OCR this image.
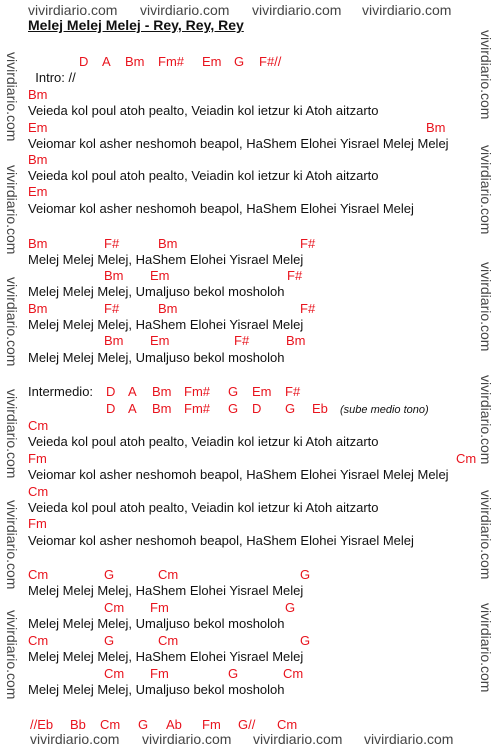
vivirdiario.com vivirdiario.com vivirdiario.com vivirdiario.com
vivirdiario.com vivirdiario.com vivirdiario.com vivirdiario.com
vivirdiario.com
vivirdiario.com
vivirdiario.com
vivirdiario.com
vivirdiario.com
vivirdiario.com
vivirdiario.com
vivirdiario.com
vivirdiario.com
vivirdiario.com
vivirdiario.com
vivirdiario.com
Melej Melej Melej - Rey, Rey, Rey

Intro: //

D A Bm Fm# Em G F#//
Bm
Veieda kol poul atoh pealto, Veiadin kol ietzur ki Atoh aitzarto
Em	Bm
Veiomar kol asher neshomoh beapol, HaShem Elohei Yisrael Melej Melej
Bm
Veieda kol poul atoh pealto, Veiadin kol ietzur ki Atoh aitzarto
Em
Veiomar kol asher neshomoh beapol, HaShem Elohei Yisrael Melej
Bm	F#	Bm	F#
Melej Melej Melej, HaShem Elohei Yisrael Melej
Bm Em	F#
Melej Melej Melej, Umaljuso bekol mosholoh
Bm	F#	Bm	F#
Melej Melej Melej, HaShem Elohei Yisrael Melej
Bm Em	F#	Bm
Melej Melej Melej, Umaljuso bekol mosholoh
Intermedio: D A Bm Fm# G Em F#
D A Bm Fm# G D G Eb (sube medio tono)
Cm
Veieda kol poul atoh pealto, Veiadin kol ietzur ki Atoh aitzarto
Fm	Cm
Veiomar kol asher neshomoh beapol, HaShem Elohei Yisrael Melej Melej
Cm
Veieda kol poul atoh pealto, Veiadin kol ietzur ki Atoh aitzarto
Fm
Veiomar kol asher neshomoh beapol, HaShem Elohei Yisrael Melej
Cm	G	Cm	G
Melej Melej Melej, HaShem Elohei Yisrael Melej
Cm Fm	G
Melej Melej Melej, Umaljuso bekol mosholoh
Cm	G	Cm	G
Melej Melej Melej, HaShem Elohei Yisrael Melej
Cm Fm	G	Cm
Melej Melej Melej, Umaljuso bekol mosholoh
//Eb Bb Cm G Ab Fm G// Cm
